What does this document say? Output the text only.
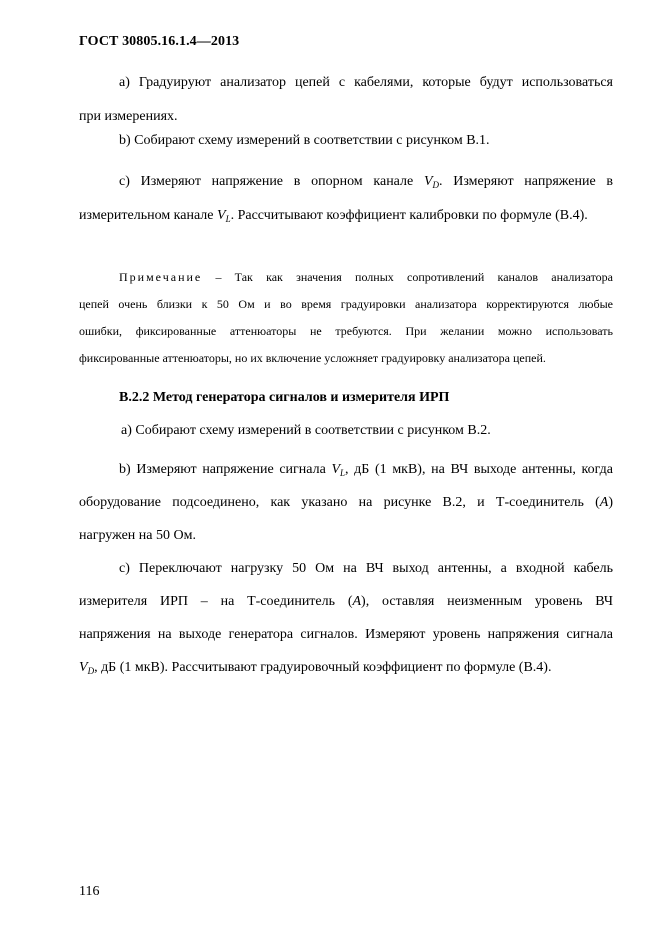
ГОСТ 30805.16.1.4—2013
а) Градуируют анализатор цепей с кабелями, которые будут использоваться
при измерениях.
b) Собирают схему измерений в соответствии с рисунком В.1.
c) Измеряют напряжение в опорном канале $V_D$. Измеряют напряжение в
измерительном канале $V_L$. Рассчитывают коэффициент калибровки по формуле (В.4).
Примечание – Так как значения полных сопротивлений каналов анализатора
цепей очень близки к 50 Ом и во время градуировки анализатора корректируются любые
ошибки, фиксированные аттенюаторы не требуются. При желании можно использовать
фиксированные аттенюаторы, но их включение усложняет градуировку анализатора цепей.
В.2.2 Метод генератора сигналов и измерителя ИРП
а) Собирают схему измерений в соответствии с рисунком В.2.
b) Измеряют напряжение сигнала $V_L$, дБ (1 мкВ), на ВЧ выходе антенны, когда
оборудование подсоединено, как указано на рисунке В.2, и Т-соединитель (А)
нагружен на 50 Ом.
c) Переключают нагрузку 50 Ом на ВЧ выход антенны, а входной кабель
измерителя ИРП – на Т-соединитель (А), оставляя неизменным уровень ВЧ
напряжения на выходе генератора сигналов. Измеряют уровень напряжения сигнала
$V_D$, дБ (1 мкВ). Рассчитывают градуировочный коэффициент по формуле (В.4).
116
